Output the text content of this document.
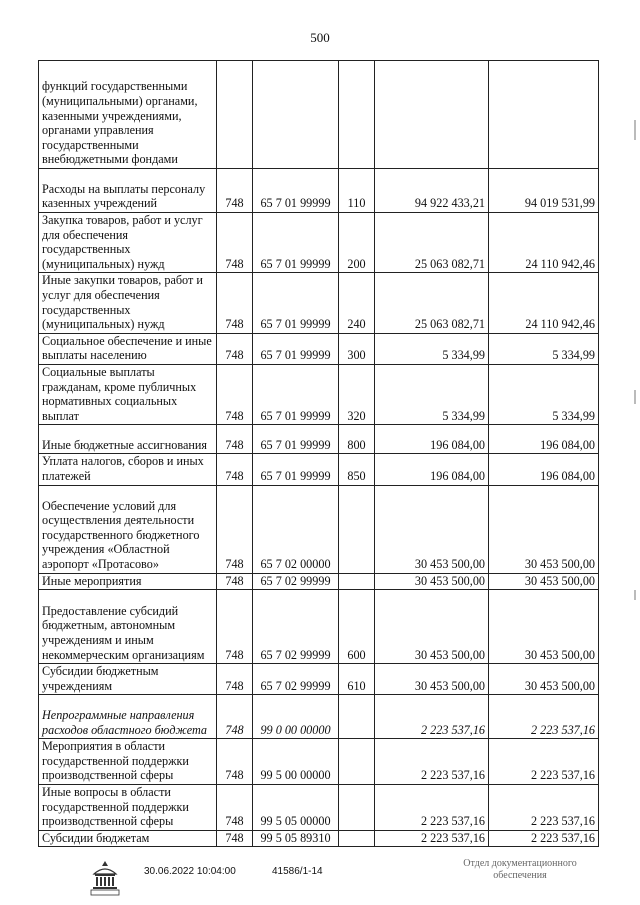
500
функций государственными (муниципальными) органами, казенными учреждениями, органами управления государственными внебюджетными фондами					
Расходы на выплаты персоналу казенных учреждений	748	65 7 01 99999	110	94 922 433,21	94 019 531,99
Закупка товаров, работ и услуг для обеспечения государственных (муниципальных) нужд	748	65 7 01 99999	200	25 063 082,71	24 110 942,46
Иные закупки товаров, работ и услуг для обеспечения государственных (муниципальных) нужд	748	65 7 01 99999	240	25 063 082,71	24 110 942,46
Социальное обеспечение и иные выплаты населению	748	65 7 01 99999	300	5 334,99	5 334,99
Социальные выплаты гражданам, кроме публичных нормативных социальных выплат	748	65 7 01 99999	320	5 334,99	5 334,99
Иные бюджетные ассигнования	748	65 7 01 99999	800	196 084,00	196 084,00
Уплата налогов, сборов и иных платежей	748	65 7 01 99999	850	196 084,00	196 084,00
Обеспечение условий для осуществления деятельности государственного бюджетного учреждения «Областной аэропорт «Протасово»	748	65 7 02 00000		30 453 500,00	30 453 500,00
Иные мероприятия	748	65 7 02 99999		30 453 500,00	30 453 500,00
Предоставление субсидий бюджетным, автономным учреждениям и иным некоммерческим организациям	748	65 7 02 99999	600	30 453 500,00	30 453 500,00
Субсидии бюджетным учреждениям	748	65 7 02 99999	610	30 453 500,00	30 453 500,00
Непрограммные направления расходов областного бюджета	748	99 0 00 00000		2 223 537,16	2 223 537,16
Мероприятия в области государственной поддержки производственной сферы	748	99 5 00 00000		2 223 537,16	2 223 537,16
Иные вопросы в области государственной поддержки производственной сферы	748	99 5 05 00000		2 223 537,16	2 223 537,16
Субсидии бюджетам	748	99 5 05 89310		2 223 537,16	2 223 537,16
30.06.2022 10:04:00	41586/1-14
Отдел документационного
обеспечения
